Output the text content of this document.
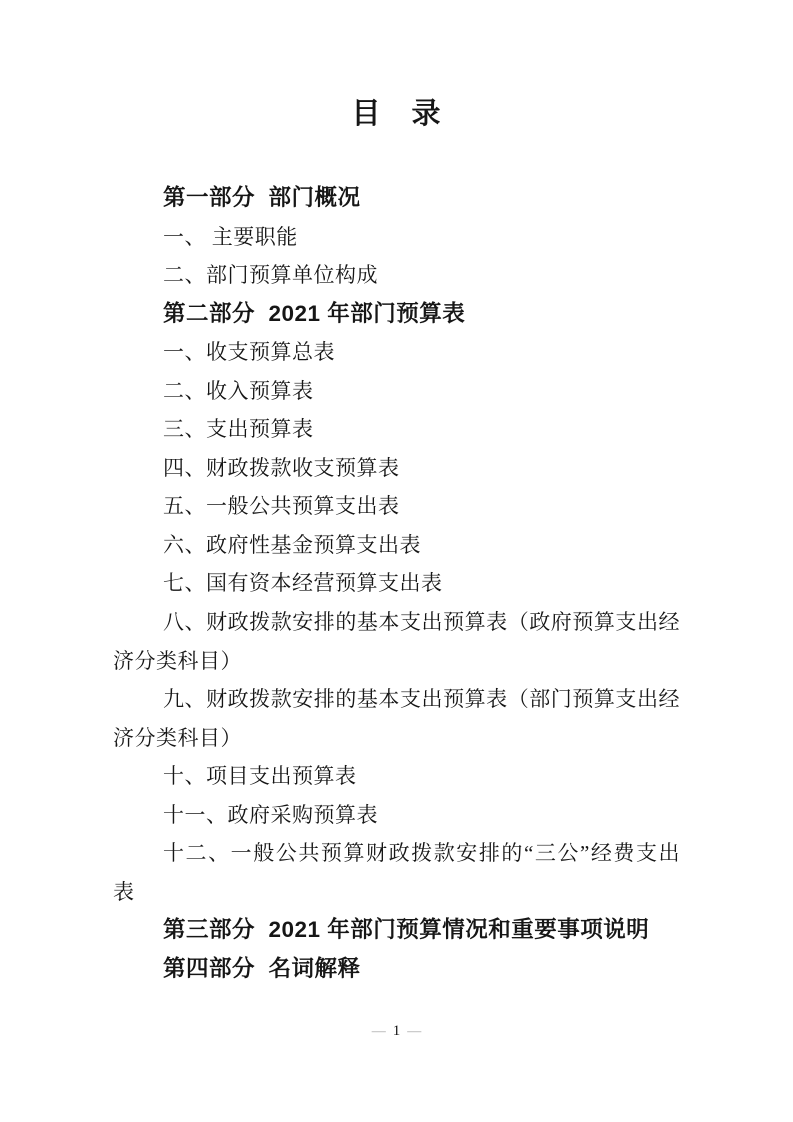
目　录
第一部分  部门概况
一、 主要职能
二、部门预算单位构成
第二部分  2021 年部门预算表
一、收支预算总表
二、收入预算表
三、支出预算表
四、财政拨款收支预算表
五、一般公共预算支出表
六、政府性基金预算支出表
七、国有资本经营预算支出表
八、财政拨款安排的基本支出预算表（政府预算支出经
济分类科目）
九、财政拨款安排的基本支出预算表（部门预算支出经
济分类科目）
十、项目支出预算表
十一、政府采购预算表
十二、一般公共预算财政拨款安排的“三公”经费支出
表
第三部分  2021 年部门预算情况和重要事项说明
第四部分  名词解释
— 1 —
